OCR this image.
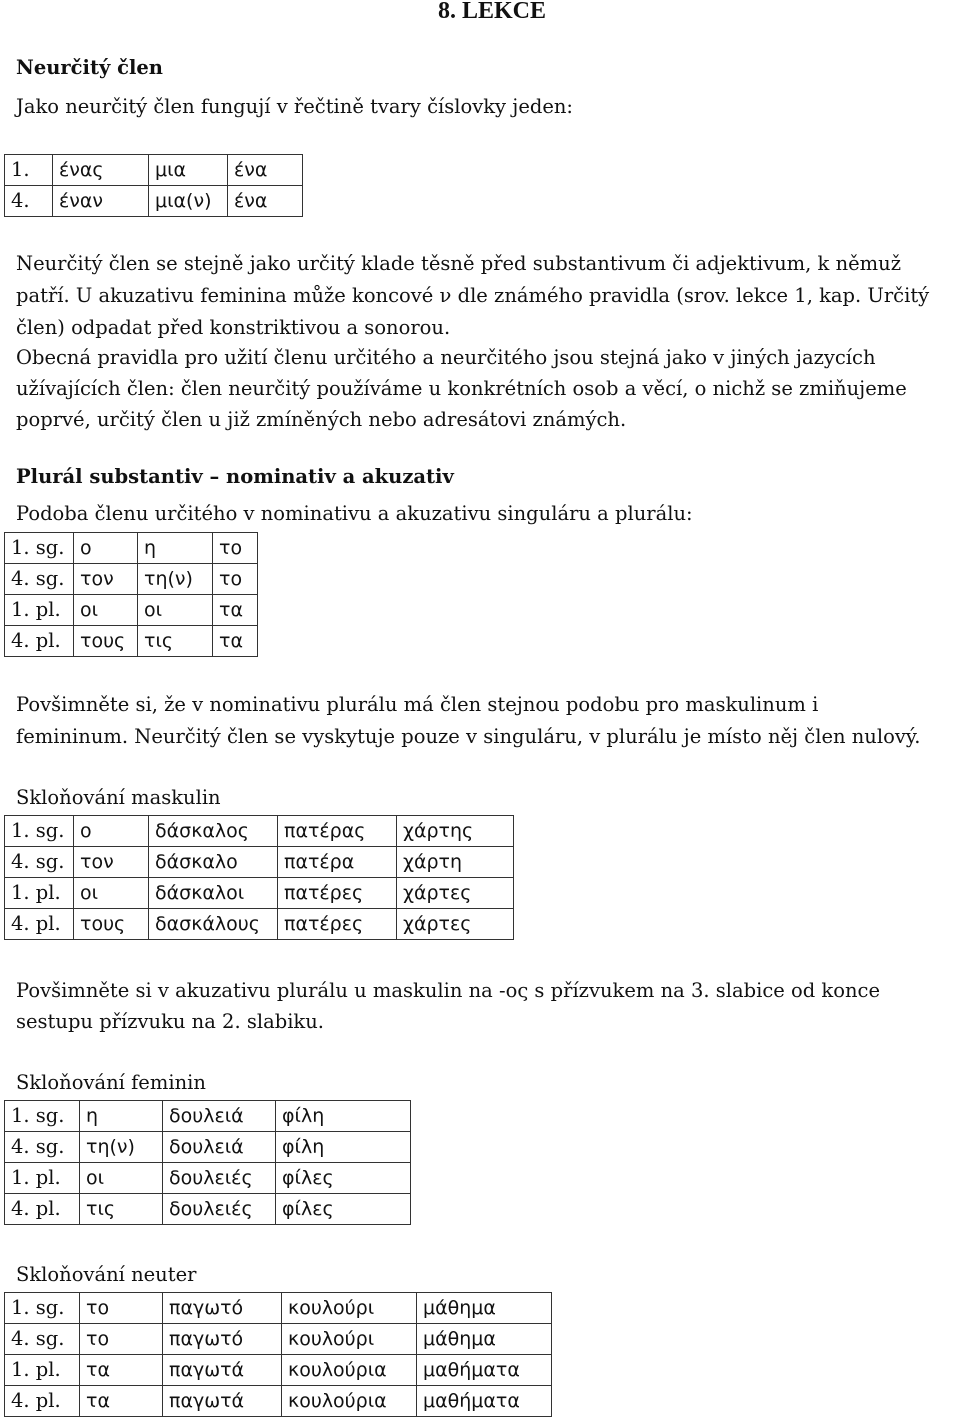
8. LEKCE
Neurčitý člen
Jako neurčitý člen fungují v řečtině tvary číslovky jeden:
1.	ένας	μια	ένα
4.	έναν	μια(ν)	ένα
Neurčitý člen se stejně jako určitý klade těsně před substantivum či adjektivum, k němuž
patří. U akuzativu feminina může koncové ν dle známého pravidla (srov. lekce 1, kap. Určitý
člen) odpadat před konstriktivou a sonorou.
Obecná pravidla pro užití členu určitého a neurčitého jsou stejná jako v jiných jazycích
užívajících člen: člen neurčitý používáme u konkrétních osob a věcí, o nichž se zmiňujeme
poprvé, určitý člen u již zmíněných nebo adresátovi známých.
Plurál substantiv – nominativ a akuzativ
Podoba členu určitého v nominativu a akuzativu singuláru a plurálu:
1. sg.	ο	η	το
4. sg.	τον	τη(ν)	το
1. pl.	οι	οι	τα
4. pl.	τους	τις	τα
Povšimněte si, že v nominativu plurálu má člen stejnou podobu pro maskulinum i
femininum. Neurčitý člen se vyskytuje pouze v singuláru, v plurálu je místo něj člen nulový.
Skloňování maskulin
1. sg.	ο	δάσκαλος	πατέρας	χάρτης
4. sg.	τον	δάσκαλο	πατέρα	χάρτη
1. pl.	οι	δάσκαλοι	πατέρες	χάρτες
4. pl.	τους	δασκάλους	πατέρες	χάρτες
Povšimněte si v akuzativu plurálu u maskulin na -ος s přízvukem na 3. slabice od konce
sestupu přízvuku na 2. slabiku.
Skloňování feminin
1. sg.	η	δουλειά	φίλη
4. sg.	τη(ν)	δουλειά	φίλη
1. pl.	οι	δουλειές	φίλες
4. pl.	τις	δουλειές	φίλες
Skloňování neuter
1. sg.	το	παγωτό	κουλούρι	μάθημα
4. sg.	το	παγωτό	κουλούρι	μάθημα
1. pl.	τα	παγωτά	κουλούρια	μαθήματα
4. pl.	τα	παγωτά	κουλούρια	μαθήματα
